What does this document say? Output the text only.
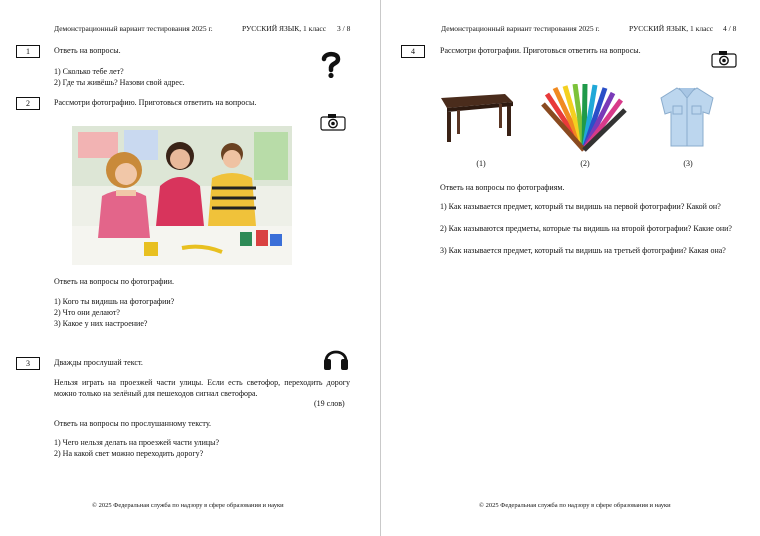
Демонстрационный вариант тестирования 2025 г.	РУССКИЙ ЯЗЫК, 1 класс 3 / 8
1	Ответь на вопросы.
1) Сколько тебе лет?
2) Где ты живёшь? Назови свой адрес.
2	Рассмотри фотографию. Приготовься ответить на вопросы.
Ответь на вопросы по фотографии.
1) Кого ты видишь на фотографии?
2) Что они делают?
3) Какое у них настроение?
3	Дважды прослушай текст.
Нельзя играть на проезжей части улицы. Если есть светофор, переходить дорогу можно только на зелёный для пешеходов сигнал светофора.
(19 слов)
Ответь на вопросы по прослушанному тексту.
1) Чего нельзя делать на проезжей части улицы?
2) На какой свет можно переходить дорогу?
© 2025 Федеральная служба по надзору в сфере образования и науки
Демонстрационный вариант тестирования 2025 г.	РУССКИЙ ЯЗЫК, 1 класс 4 / 8
4	Рассмотри фотографии. Приготовься ответить на вопросы.
(1)	(2)	(3)
Ответь на вопросы по фотографиям.
1) Как называется предмет, который ты видишь на первой фотографии? Какой он?
2) Как называются предметы, которые ты видишь на второй фотографии? Какие они?
3) Как называется предмет, который ты видишь на третьей фотографии? Какая она?
© 2025 Федеральная служба по надзору в сфере образования и науки
